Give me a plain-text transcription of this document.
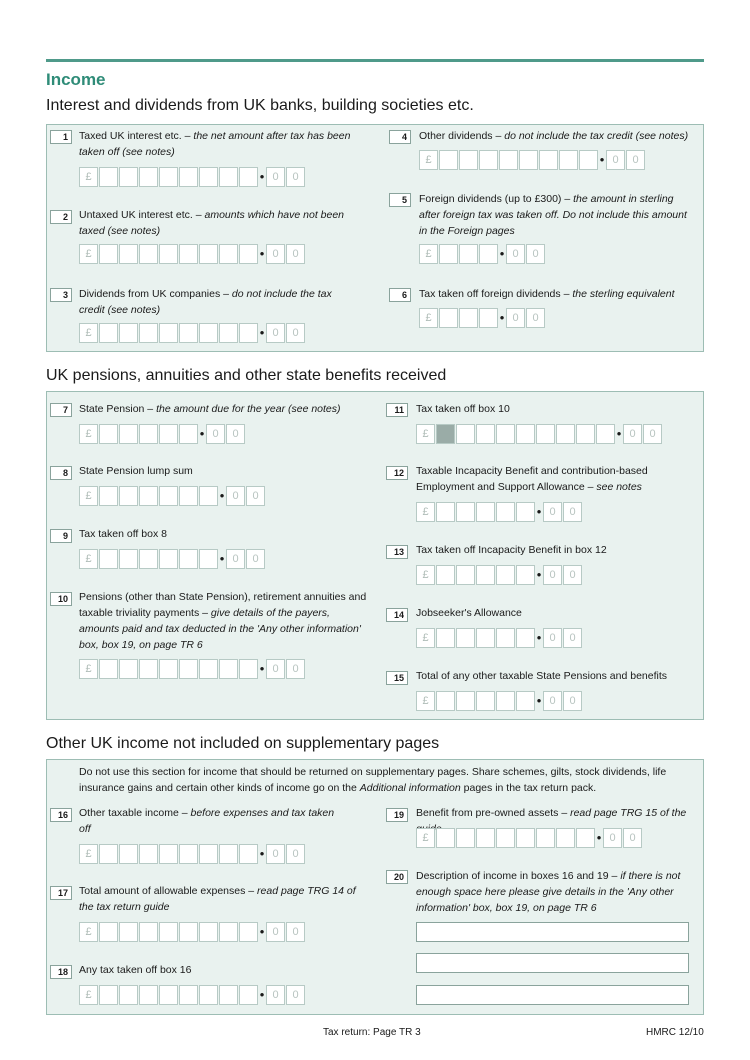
Income
Interest and dividends from UK banks, building societies etc.
1	Taxed UK interest etc. – the net amount after tax has been taken off (see notes)
£	• 0	0
2	Untaxed UK interest etc. – amounts which have not been taxed (see notes)
£	• 0	0
3	Dividends from UK companies – do not include the tax credit (see notes)
£	• 0	0
4	Other dividends – do not include the tax credit (see notes)
£	• 0	0
5	Foreign dividends (up to £300) – the amount in sterling after foreign tax was taken off. Do not include this amount in the Foreign pages
£	• 0	0
6	Tax taken off foreign dividends – the sterling equivalent
£	• 0	0
UK pensions, annuities and other state benefits received
7	State Pension – the amount due for the year (see notes)
£	• 0	0
8	State Pension lump sum
£	• 0	0
9	Tax taken off box 8
£	• 0	0
10	Pensions (other than State Pension), retirement annuities and taxable triviality payments – give details of the payers, amounts paid and tax deducted in the 'Any other information' box, box 19, on page TR 6
£	• 0	0
11	Tax taken off box 10
£	• 0	0
12	Taxable Incapacity Benefit and contribution-based Employment and Support Allowance – see notes
£	• 0	0
13	Tax taken off Incapacity Benefit in box 12
£	• 0	0
14	Jobseeker's Allowance
£	• 0	0
15	Total of any other taxable State Pensions and benefits
£	• 0	0
Other UK income not included on supplementary pages
Do not use this section for income that should be returned on supplementary pages. Share schemes, gilts, stock dividends, life insurance gains and certain other kinds of income go on the Additional information pages in the tax return pack.
16	Other taxable income – before expenses and tax taken off
£	• 0	0
17	Total amount of allowable expenses – read page TRG 14 of the tax return guide
£	• 0	0
18	Any tax taken off box 16
£	• 0	0
19	Benefit from pre-owned assets – read page TRG 15 of the
£	• 0	0
20	Description of income in boxes 16 and 19 – if there is not enough space here please give details in the 'Any other information' box, box 19, on page TR 6
Tax return: Page TR 3	HMRC 12/10
